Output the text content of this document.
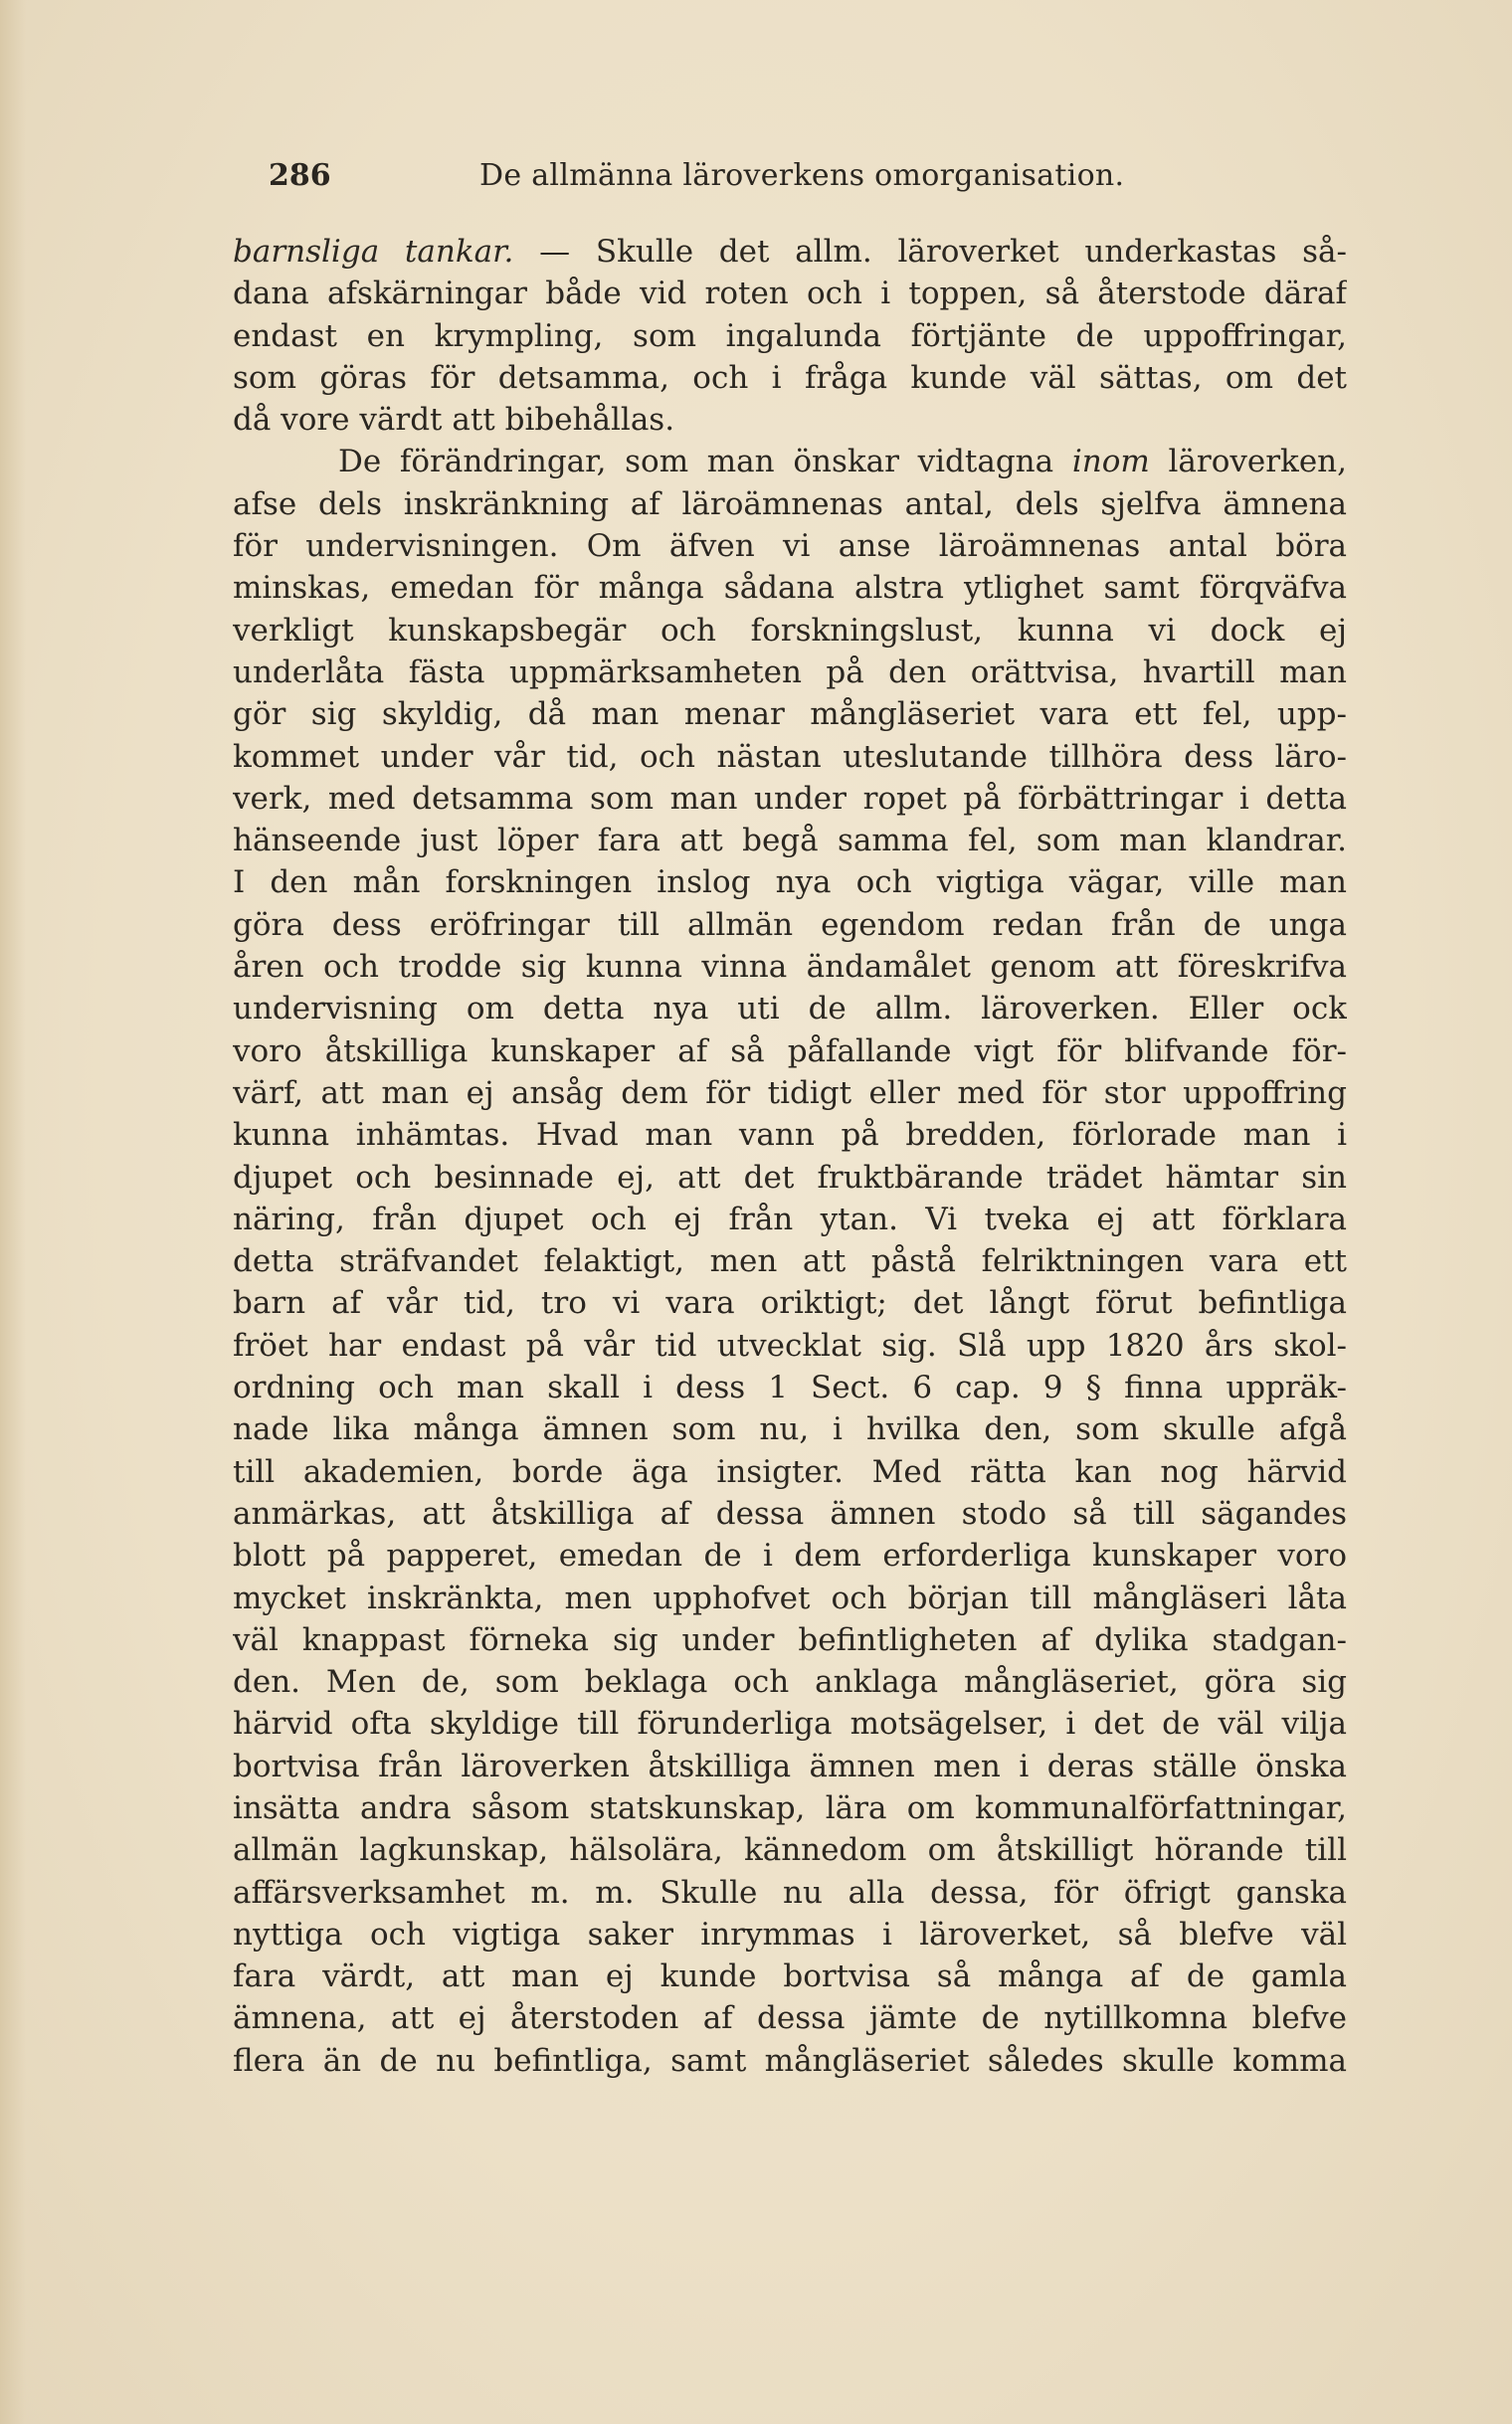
286	De allmänna läroverkens omorganisation.
barnsliga tankar. — Skulle det allm. läroverket underkastas så-
dana afskärningar både vid roten och i toppen, så återstode däraf
endast en krympling, som ingalunda förtjänte de uppoffringar,
som göras för detsamma, och i fråga kunde väl sättas, om det
då vore värdt att bibehållas.
De förändringar, som man önskar vidtagna inom läroverken,
afse dels inskränkning af läroämnenas antal, dels sjelfva ämnena
för undervisningen. Om äfven vi anse läroämnenas antal böra
minskas, emedan för många sådana alstra ytlighet samt förqväfva
verkligt kunskapsbegär och forskningslust, kunna vi dock ej
underlåta fästa uppmärksamheten på den orättvisa, hvartill man
gör sig skyldig, då man menar mångläseriet vara ett fel, upp-
kommet under vår tid, och nästan uteslutande tillhöra dess läro-
verk, med detsamma som man under ropet på förbättringar i detta
hänseende just löper fara att begå samma fel, som man klandrar.
I den mån forskningen inslog nya och vigtiga vägar, ville man
göra dess eröfringar till allmän egendom redan från de unga
åren och trodde sig kunna vinna ändamålet genom att föreskrifva
undervisning om detta nya uti de allm. läroverken. Eller ock
voro åtskilliga kunskaper af så påfallande vigt för blifvande för-
värf, att man ej ansåg dem för tidigt eller med för stor uppoffring
kunna inhämtas. Hvad man vann på bredden, förlorade man i
djupet och besinnade ej, att det fruktbärande trädet hämtar sin
näring, från djupet och ej från ytan. Vi tveka ej att förklara
detta sträfvandet felaktigt, men att påstå felriktningen vara ett
barn af vår tid, tro vi vara oriktigt; det långt förut befintliga
fröet har endast på vår tid utvecklat sig. Slå upp 1820 års skol-
ordning och man skall i dess 1 Sect. 6 cap. 9 § finna uppräk-
nade lika många ämnen som nu, i hvilka den, som skulle afgå
till akademien, borde äga insigter. Med rätta kan nog härvid
anmärkas, att åtskilliga af dessa ämnen stodo så till sägandes
blott på papperet, emedan de i dem erforderliga kunskaper voro
mycket inskränkta, men upphofvet och början till mångläseri låta
väl knappast förneka sig under befintligheten af dylika stadgan-
den. Men de, som beklaga och anklaga mångläseriet, göra sig
härvid ofta skyldige till förunderliga motsägelser, i det de väl vilja
bortvisa från läroverken åtskilliga ämnen men i deras ställe önska
insätta andra såsom statskunskap, lära om kommunalförfattningar,
allmän lagkunskap, hälsolära, kännedom om åtskilligt hörande till
affärsverksamhet m. m. Skulle nu alla dessa, för öfrigt ganska
nyttiga och vigtiga saker inrymmas i läroverket, så blefve väl
fara värdt, att man ej kunde bortvisa så många af de gamla
ämnena, att ej återstoden af dessa jämte de nytillkomna blefve
flera än de nu befintliga, samt mångläseriet således skulle komma
